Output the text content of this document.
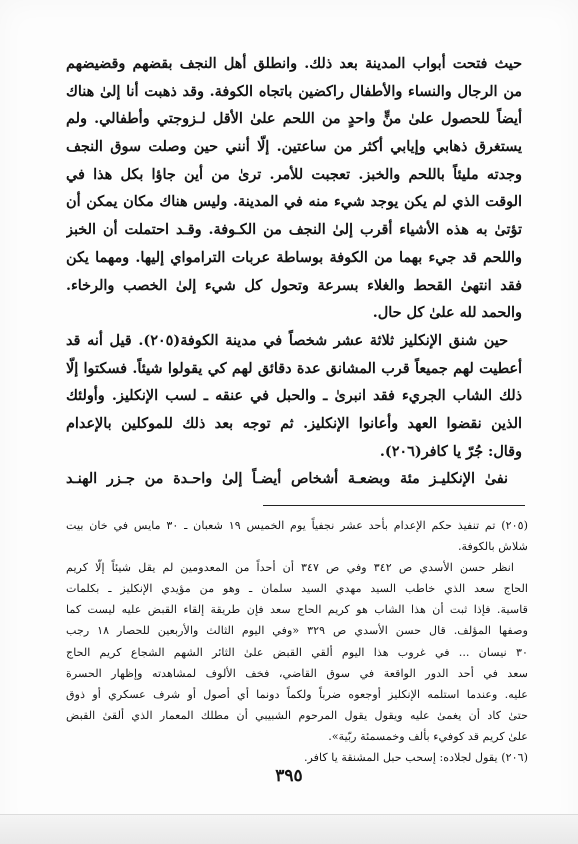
حيث فتحت أبواب المدينة بعد ذلك. وانطلق أهل النجف بقضهم وقضيضهم
من الرجال والنساء والأطفال راكضين باتجاه الكوفة. وقد ذهبت أنا إلىٰ هناك
أيضاً للحصول علىٰ منٍّ واحدٍ من اللحم علىٰ الأقل لـزوجتي وأطفالي. ولم
يستغرق ذهابي وإيابي أكثر من ساعتين. إلّا أنني حين وصلت سوق النجف
وجدته مليئاً باللحم والخبز. تعجبت للأمر. ترىٰ من أين جاؤا بكل هذا في
الوقت الذي لم يكن يوجد شيء منه في المدينة. وليس هناك مكان يمكن أن
تؤتىٰ به هذه الأشياء أقرب إلىٰ النجف من الكـوفة. وقـد احتملت أن الخبز
واللحم قد جيء بهما من الكوفة بوساطة عربات الترامواي إليها. ومهما يكن
فقد انتهىٰ القحط والغلاء بسرعة وتحول كل شيء إلىٰ الخصب والرخاء.
والحمد لله علىٰ كل حال.
حين شنق الإنكليز ثلاثة عشر شخصاً في مدينة الكوفة(٢٠٥). قيل أنه قد
أعطيت لهم جميعاً قرب المشانق عدة دقائق لهم كي يقولوا شيئاً. فسكتوا إلّا
ذلك الشاب الجريء فقد انبرىٰ ـ والحبل في عنقه ـ لسب الإنكليز. وأولئك
الذين نقضوا العهد وأعانوا الإنكليز. ثم توجه بعد ذلك للموكلين بالإعدام
وقال: جُرّ يا كافر(٢٠٦).
نفىٰ الإنكليـز مئة وبضعـة أشخاص أيضـاً إلىٰ واحـدة من جـزر الهنـد
(٢٠٥) تم تنفيذ حكم الإعدام بأحد عشر نجفياً يوم الخميس ١٩ شعبان ـ ٣٠ مايس في خان بيت
شلاش بالكوفة.
انظر حسن الأسدي ص ٣٤٢ وفي ص ٣٤٧ أن أحداً من المعدومين لم يقل شيئاً إلّا كريم
الحاج سعد الذي خاطب السيد مهدي السيد سلمان ـ وهو من مؤيدي الإنكليز ـ بكلمات
قاسية. فإذا ثبت أن هذا الشاب هو كريم الحاج سعد فإن طريقة إلقاء القبض عليه ليست كما
وصفها المؤلف. قال حسن الأسدي ص ٣٢٩ «وفي اليوم الثالث والأربعين للحصار ١٨ رجب
٣٠ نيسان ... في غروب هذا اليوم ألقي القبض علىٰ الثائر الشهم الشجاع كريم الحاج
سعد في أحد الدور الواقعة في سوق القاضي، فخف الألوف لمشاهدته وإظهار الحسرة
عليه. وعندما استلمه الإنكليز أوجعوه ضرباً ولكماً دونما أي أصول أو شرف عسكري أو ذوق
حتىٰ كاد أن يغمىٰ عليه ويقول يقول المرحوم الشبيبي أن مطلك المعمار الذي ألقىٰ القبض
علىٰ كريم قد كوفيء بألف وخمسمئة ربّية».
(٢٠٦) يقول لجلاده: إسحب حبل المشنقة يا كافر.
٣٩٥
